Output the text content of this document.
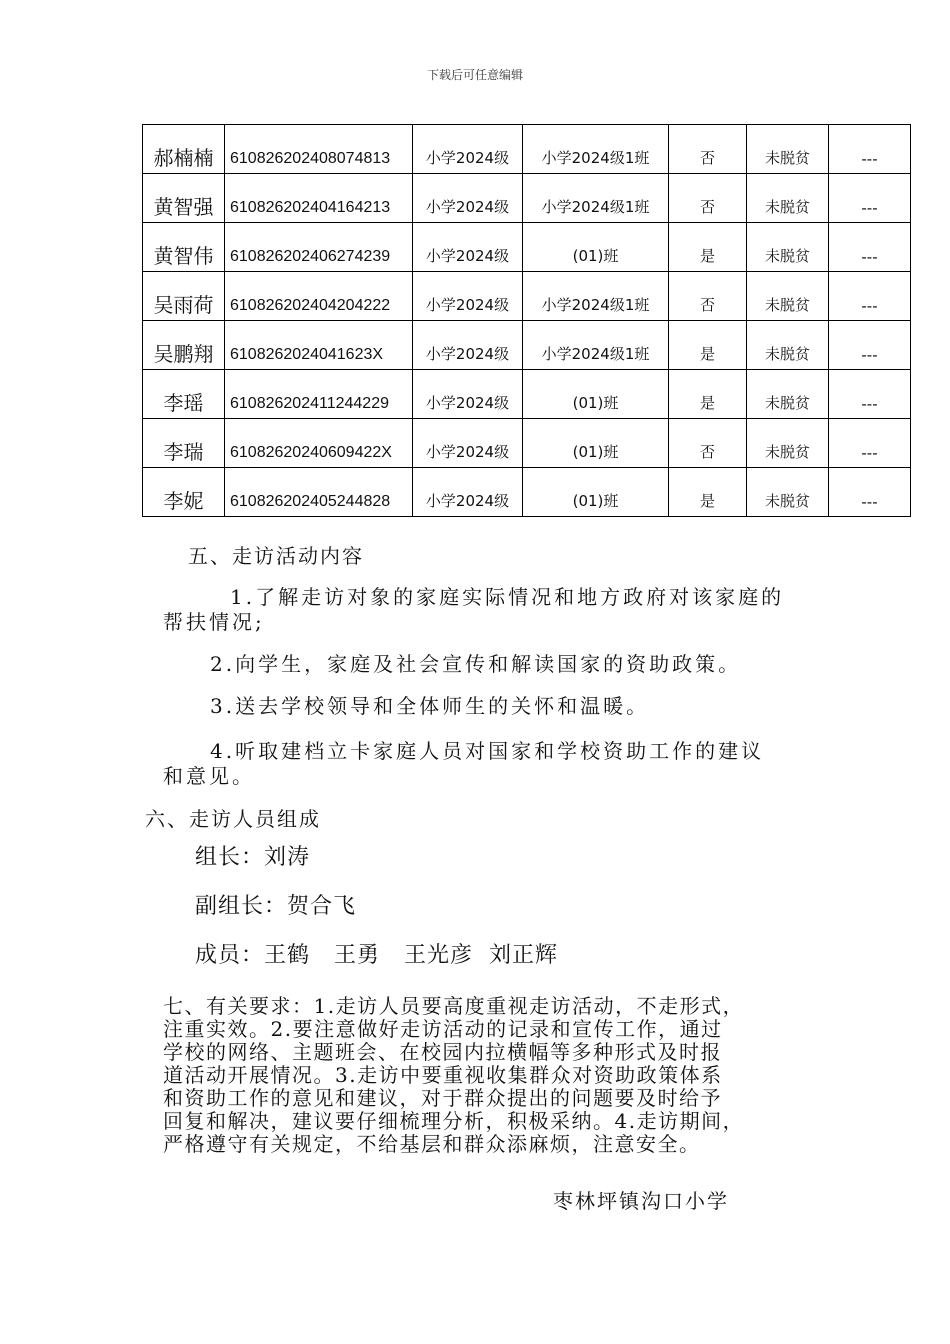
下载后可任意编辑
郝楠楠	610826202408074813	小学2024级	小学2024级1班	否	未脱贫	---
黄智强	610826202404164213	小学2024级	小学2024级1班	否	未脱贫	---
黄智伟	610826202406274239	小学2024级	(01)班	是	未脱贫	---
吴雨荷	610826202404204222	小学2024级	小学2024级1班	否	未脱贫	---
吴鹏翔	6108262024041623X	小学2024级	小学2024级1班	是	未脱贫	---
李瑶	610826202411244229	小学2024级	(01)班	是	未脱贫	---
李瑞	61082620240609422X	小学2024级	(01)班	否	未脱贫	---
李妮	610826202405244828	小学2024级	(01)班	是	未脱贫	---
五、走访活动内容
1.了解走访对象的家庭实际情况和地方政府对该家庭的
帮扶情况;
2.向学生，家庭及社会宣传和解读国家的资助政策。
3.送去学校领导和全体师生的关怀和温暖。
4.听取建档立卡家庭人员对国家和学校资助工作的建议
和意见。
六、走访人员组成
组长：刘涛
副组长：贺合飞
成员：王鹤   王勇   王光彦  刘正辉
七、有关要求：1.走访人员要高度重视走访活动，不走形式，
注重实效。2.要注意做好走访活动的记录和宣传工作，通过
学校的网络、主题班会、在校园内拉横幅等多种形式及时报
道活动开展情况。3.走访中要重视收集群众对资助政策体系
和资助工作的意见和建议，对于群众提出的问题要及时给予
回复和解决，建议要仔细梳理分析，积极采纳。4.走访期间，
严格遵守有关规定，不给基层和群众添麻烦，注意安全。
枣林坪镇沟口小学
